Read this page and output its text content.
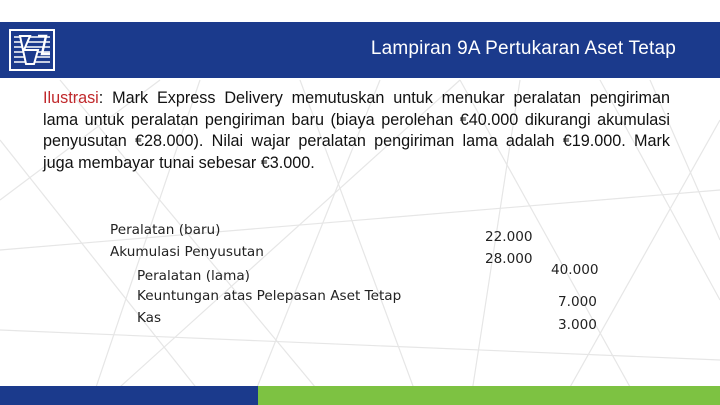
Lampiran 9A Pertukaran Aset Tetap
Ilustrasi: Mark Express Delivery memutuskan untuk menukar peralatan pengiriman lama untuk peralatan pengiriman baru (biaya perolehan €40.000 dikurangi akumulasi penyusutan €28.000). Nilai wajar peralatan pengiriman lama adalah €19.000. Mark juga membayar tunai sebesar €3.000.
Peralatan (baru)
Akumulasi Penyusutan
Peralatan (lama)
Keuntungan atas Pelepasan Aset Tetap
Kas
22.000
28.000
40.000
7.000
3.000
